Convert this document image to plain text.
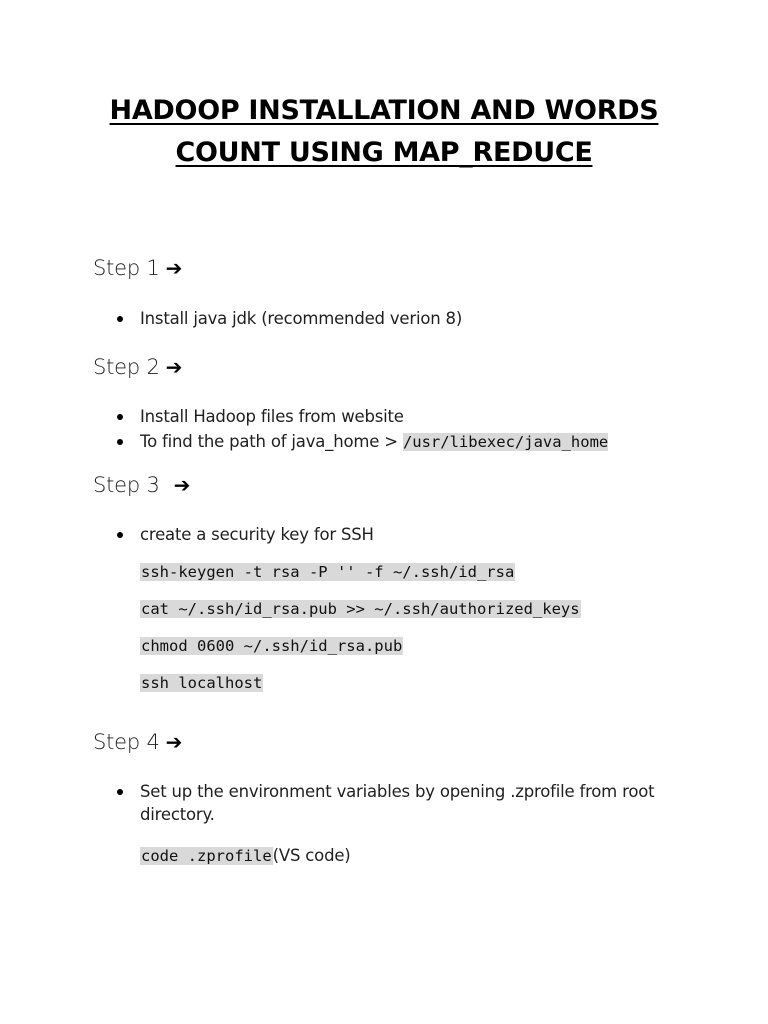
HADOOP INSTALLATION AND WORDS
COUNT USING MAP_REDUCE
Step 1 ➔
Install java jdk (recommended verion 8)
Step 2 ➔
Install Hadoop files from website
To find the path of java_home > /usr/libexec/java_home
Step 3 ➔
create a security key for SSH
ssh-keygen -t rsa -P '' -f ~/.ssh/id_rsa
cat ~/.ssh/id_rsa.pub >> ~/.ssh/authorized_keys
chmod 0600 ~/.ssh/id_rsa.pub
ssh localhost
Step 4 ➔
Set up the environment variables by opening .zprofile from root directory.
code .zprofile(VS code)
